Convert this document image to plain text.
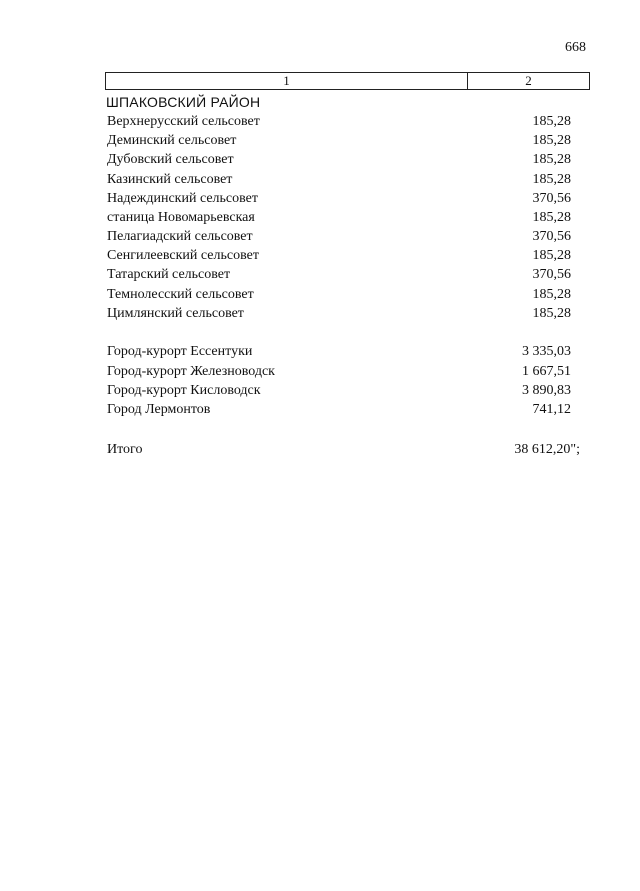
668
1	2
ШПАКОВСКИЙ РАЙОН
Верхнерусский сельсовет	185,28
Деминский сельсовет	185,28
Дубовский сельсовет	185,28
Казинский сельсовет	185,28
Надеждинский сельсовет	370,56
станица Новомарьевская	185,28
Пелагиадский сельсовет	370,56
Сенгилеевский сельсовет	185,28
Татарский сельсовет	370,56
Темнолесский сельсовет	185,28
Цимлянский сельсовет	185,28
Город-курорт Ессентуки	3 335,03
Город-курорт Железноводск	1 667,51
Город-курорт Кисловодск	3 890,83
Город Лермонтов	741,12
Итого	38 612,20";
